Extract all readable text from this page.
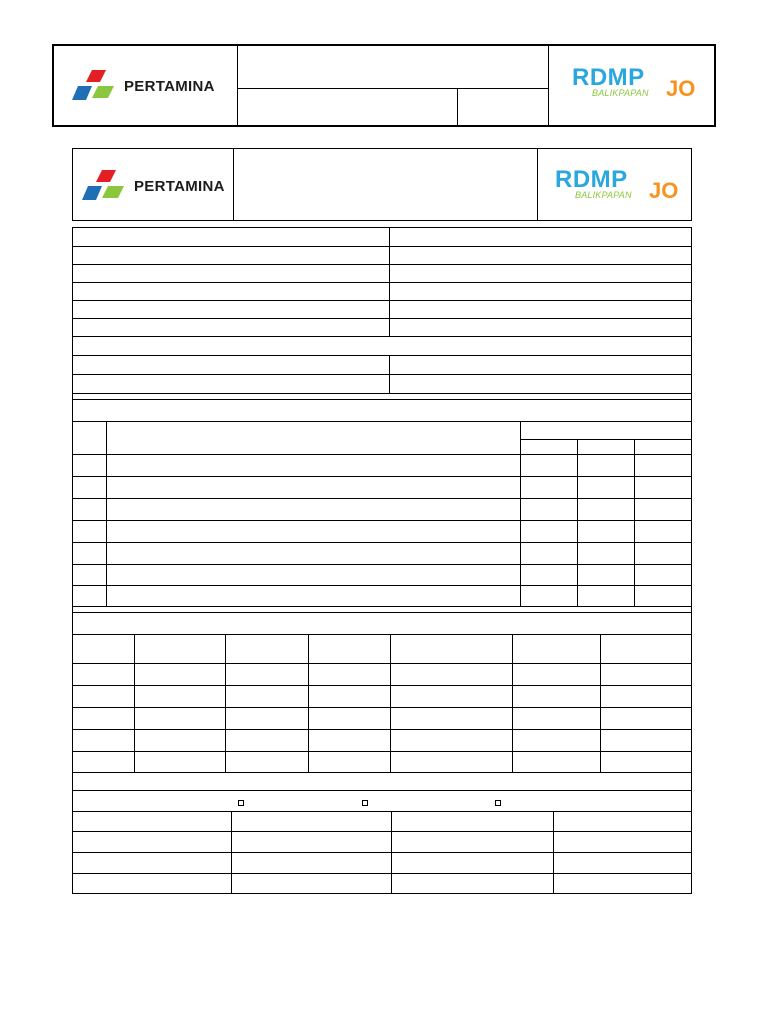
PERTAMINA	RDMP
BALIKPAPAN JO
PERTAMINA	RDMP
BALIKPAPAN JO
